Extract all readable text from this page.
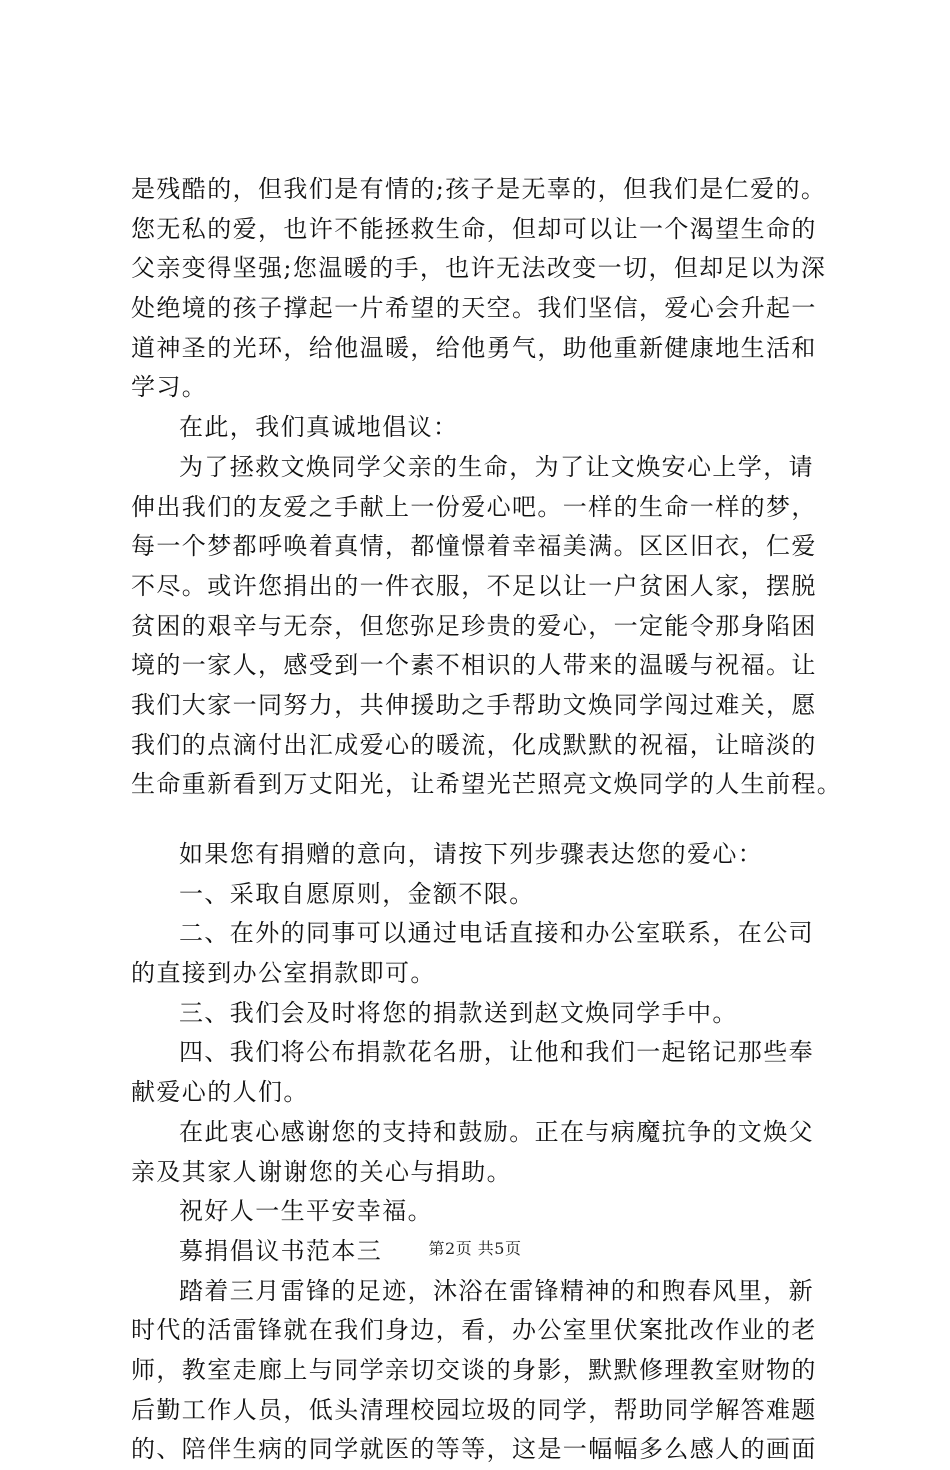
是残酷的，但我们是有情的;孩子是无辜的，但我们是仁爱的。
您无私的爱，也许不能拯救生命，但却可以让一个渴望生命的
父亲变得坚强;您温暖的手，也许无法改变一切，但却足以为深
处绝境的孩子撑起一片希望的天空。我们坚信，爱心会升起一
道神圣的光环，给他温暖，给他勇气，助他重新健康地生活和
学习。
在此，我们真诚地倡议：
为了拯救文焕同学父亲的生命，为了让文焕安心上学，请
伸出我们的友爱之手献上一份爱心吧。一样的生命一样的梦，
每一个梦都呼唤着真情，都憧憬着幸福美满。区区旧衣，仁爱
不尽。或许您捐出的一件衣服，不足以让一户贫困人家，摆脱
贫困的艰辛与无奈，但您弥足珍贵的爱心，一定能令那身陷困
境的一家人，感受到一个素不相识的人带来的温暖与祝福。让
我们大家一同努力，共伸援助之手帮助文焕同学闯过难关，愿
我们的点滴付出汇成爱心的暖流，化成默默的祝福，让暗淡的
生命重新看到万丈阳光，让希望光芒照亮文焕同学的人生前程。
如果您有捐赠的意向，请按下列步骤表达您的爱心：
一、采取自愿原则，金额不限。
二、在外的同事可以通过电话直接和办公室联系，在公司
的直接到办公室捐款即可。
三、我们会及时将您的捐款送到赵文焕同学手中。
四、我们将公布捐款花名册，让他和我们一起铭记那些奉
献爱心的人们。
在此衷心感谢您的支持和鼓励。正在与病魔抗争的文焕父
亲及其家人谢谢您的关心与捐助。
祝好人一生平安幸福。
募捐倡议书范本三
踏着三月雷锋的足迹，沐浴在雷锋精神的和煦春风里，新
时代的活雷锋就在我们身边，看，办公室里伏案批改作业的老
师，教室走廊上与同学亲切交谈的身影，默默修理教室财物的
后勤工作人员，低头清理校园垃圾的同学，帮助同学解答难题
的、陪伴生病的同学就医的等等，这是一幅幅多么感人的画面
第2页 共5页
